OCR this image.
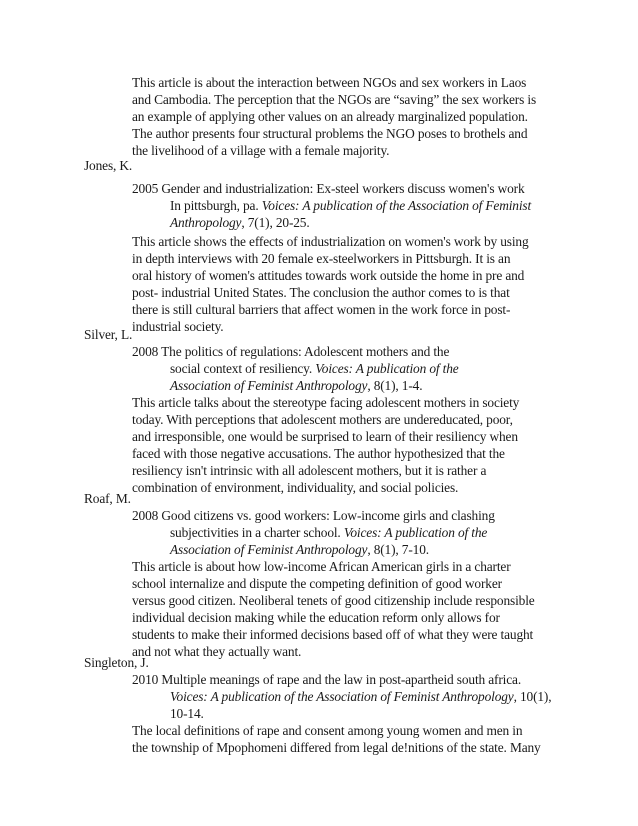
This article is about the interaction between NGOs and sex workers in Laos
and Cambodia. The perception that the NGOs are “saving” the sex workers is
an example of applying other values on an already marginalized population.
The author presents four structural problems the NGO poses to brothels and
the livelihood of a village with a female majority.
Jones, K.
2005 Gender and industrialization: Ex-steel workers discuss women's work
In pittsburgh, pa. Voices: A publication of the Association of Feminist
Anthropology, 7(1), 20-25.
This article shows the effects of industrialization on women's work by using
in depth interviews with 20 female ex-steelworkers in Pittsburgh. It is an
oral history of women's attitudes towards work outside the home in pre and
post- industrial United States. The conclusion the author comes to is that
there is still cultural barriers that affect women in the work force in post-
industrial society.
Silver, L.
2008 The politics of regulations: Adolescent mothers and the
social context of resiliency. Voices: A publication of the
Association of Feminist Anthropology, 8(1), 1-4.
This article talks about the stereotype facing adolescent mothers in society
today. With perceptions that adolescent mothers are undereducated, poor,
and irresponsible, one would be surprised to learn of their resiliency when
faced with those negative accusations. The author hypothesized that the
resiliency isn't intrinsic with all adolescent mothers, but it is rather a
combination of environment, individuality, and social policies.
Roaf, M.
2008 Good citizens vs. good workers: Low-income girls and clashing
subjectivities in a charter school. Voices: A publication of the
Association of Feminist Anthropology, 8(1), 7-10.
This article is about how low-income African American girls in a charter
school internalize and dispute the competing definition of good worker
versus good citizen. Neoliberal tenets of good citizenship include responsible
individual decision making while the education reform only allows for
students to make their informed decisions based off of what they were taught
and not what they actually want.
Singleton, J.
2010 Multiple meanings of rape and the law in post-apartheid south africa.
Voices: A publication of the Association of Feminist Anthropology, 10(1),
10-14.
The local definitions of rape and consent among young women and men in
the township of Mpophomeni differed from legal de!nitions of the state. Many
